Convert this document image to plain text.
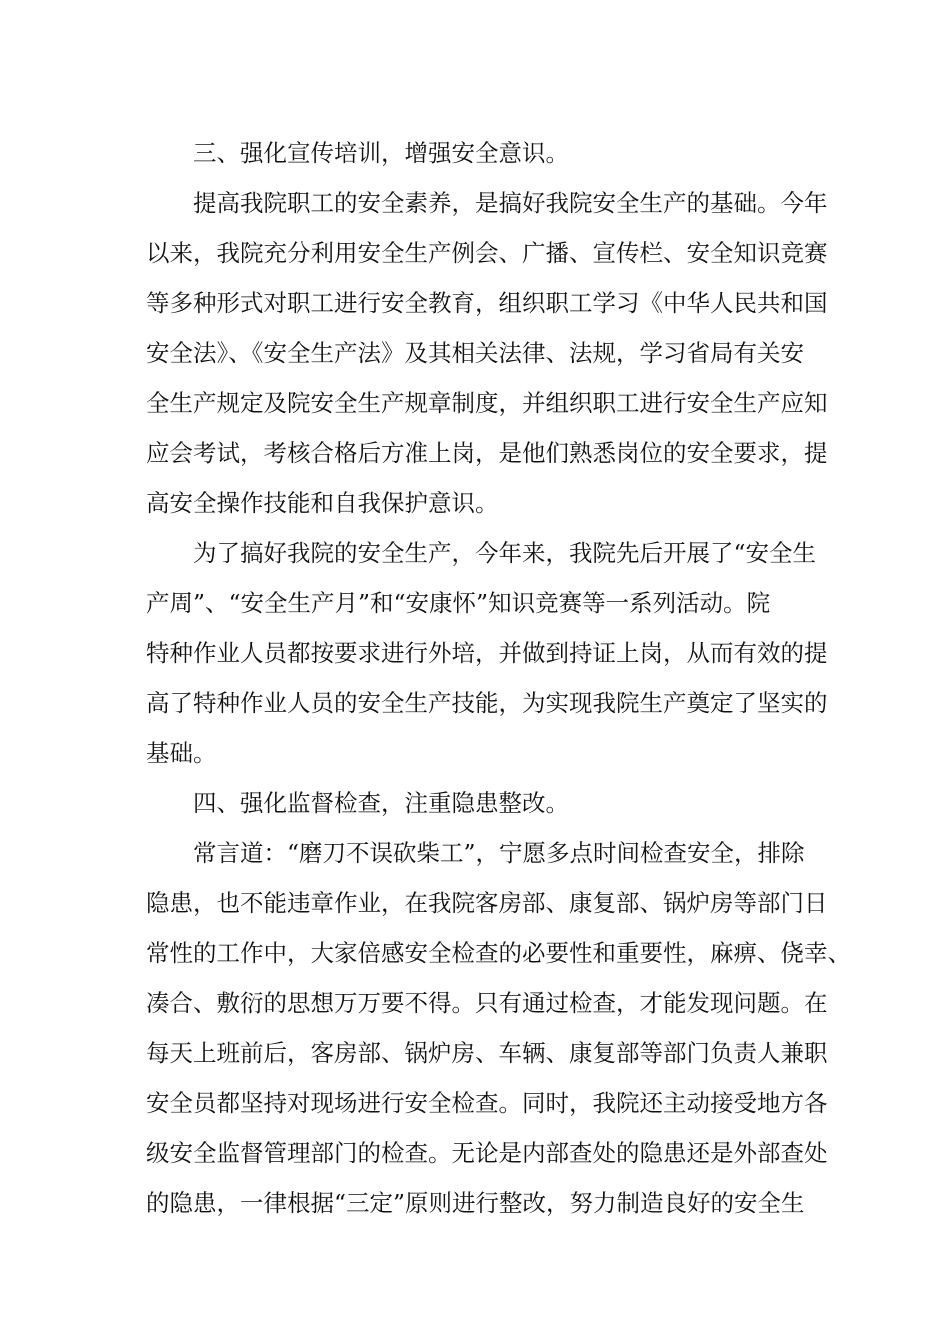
三、强化宣传培训，增强安全意识。
提高我院职工的安全素养，是搞好我院安全生产的基础。今年
以来，我院充分利用安全生产例会、广播、宣传栏、安全知识竞赛
等多种形式对职工进行安全教育，组织职工学习《中华人民共和国
安全法》、《安全生产法》及其相关法律、法规，学习省局有关安
全生产规定及院安全生产规章制度，并组织职工进行安全生产应知
应会考试，考核合格后方准上岗，是他们熟悉岗位的安全要求，提
高安全操作技能和自我保护意识。
为了搞好我院的安全生产，今年来，我院先后开展了“安全生
产周”、“安全生产月”和“安康怀”知识竞赛等一系列活动。院
特种作业人员都按要求进行外培，并做到持证上岗，从而有效的提
高了特种作业人员的安全生产技能，为实现我院生产奠定了坚实的
基础。
四、强化监督检查，注重隐患整改。
常言道：“磨刀不误砍柴工”，宁愿多点时间检查安全，排除
隐患，也不能违章作业，在我院客房部、康复部、锅炉房等部门日
常性的工作中，大家倍感安全检查的必要性和重要性，麻痹、侥幸、
凑合、敷衍的思想万万要不得。只有通过检查，才能发现问题。在
每天上班前后，客房部、锅炉房、车辆、康复部等部门负责人兼职
安全员都坚持对现场进行安全检查。同时，我院还主动接受地方各
级安全监督管理部门的检查。无论是内部查处的隐患还是外部查处
的隐患，一律根据“三定”原则进行整改，努力制造良好的安全生
